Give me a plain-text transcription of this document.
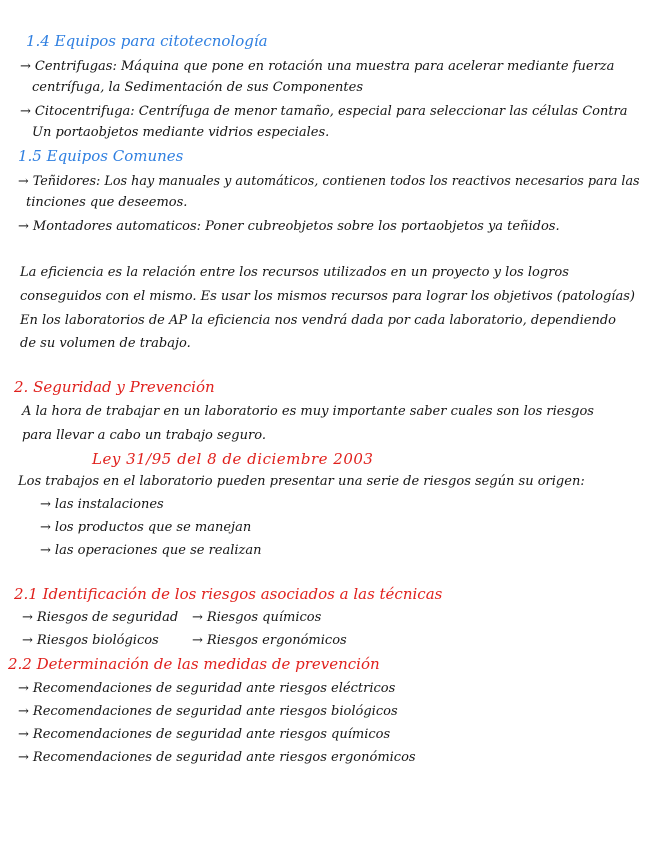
1.4 Equipos para citotecnología
→ Centrifugas: Máquina que pone en rotación una muestra para acelerar mediante fuerza
centrífuga, la Sedimentación de sus Componentes
→ Citocentrifuga: Centrífuga de menor tamaño, especial para seleccionar las células Contra
Un portaobjetos mediante vidrios especiales.
1.5 Equipos Comunes
→ Teñidores: Los hay manuales y automáticos, contienen todos los reactivos necesarios para las
tinciones que deseemos.
→ Montadores automaticos: Poner cubreobjetos sobre los portaobjetos ya teñidos.
La eficiencia es la relación entre los recursos utilizados en un proyecto y los logros
conseguidos con el mismo. Es usar los mismos recursos para lograr los objetivos (patologías)
En los laboratorios de AP la eficiencia nos vendrá dada por cada laboratorio, dependiendo
de su volumen de trabajo.
2. Seguridad y Prevención
A la hora de trabajar en un laboratorio es muy importante saber cuales son los riesgos
para llevar a cabo un trabajo seguro.
Ley 31/95 del 8 de diciembre 2003
Los trabajos en el laboratorio pueden presentar una serie de riesgos según su origen:
→ las instalaciones
→ los productos que se manejan
→ las operaciones que se realizan
2.1 Identificación de los riesgos asociados a las técnicas
→ Riesgos de seguridad → Riesgos químicos
→ Riesgos biológicos	→ Riesgos ergonómicos
2.2 Determinación de las medidas de prevención
→ Recomendaciones de seguridad ante riesgos eléctricos
→ Recomendaciones de seguridad ante riesgos biológicos
→ Recomendaciones de seguridad ante riesgos químicos
→ Recomendaciones de seguridad ante riesgos ergonómicos
